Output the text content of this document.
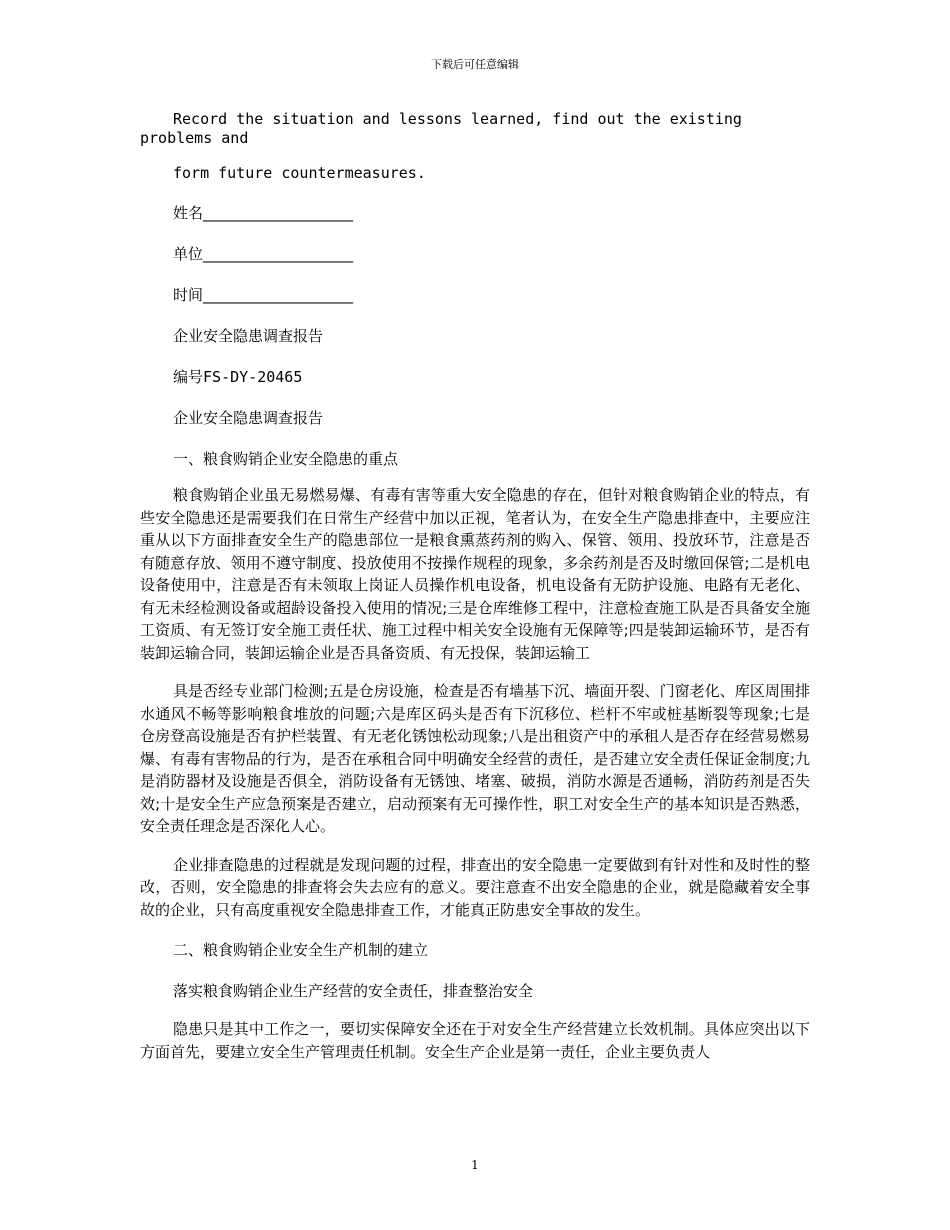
下载后可任意编辑

Record the situation and lessons learned, find out the existing problems and

form future countermeasures.

姓名____________________

单位____________________

时间____________________

企业安全隐患调查报告

编号FS-DY-20465

企业安全隐患调查报告

一、粮食购销企业安全隐患的重点

粮食购销企业虽无易燃易爆、有毒有害等重大安全隐患的存在，但针对粮食购销企业的特点，有些安全隐患还是需要我们在日常生产经营中加以正视，笔者认为，在安全生产隐患排查中，主要应注重从以下方面排查安全生产的隐患部位一是粮食熏蒸药剂的购入、保管、领用、投放环节，注意是否有随意存放、领用不遵守制度、投放使用不按操作规程的现象，多余药剂是否及时缴回保管;二是机电设备使用中，注意是否有未领取上岗证人员操作机电设备，机电设备有无防护设施、电路有无老化、有无未经检测设备或超龄设备投入使用的情况;三是仓库维修工程中，注意检查施工队是否具备安全施工资质、有无签订安全施工责任状、施工过程中相关安全设施有无保障等;四是装卸运输环节，是否有装卸运输合同，装卸运输企业是否具备资质、有无投保，装卸运输工

具是否经专业部门检测;五是仓房设施，检查是否有墙基下沉、墙面开裂、门窗老化、库区周围排水通风不畅等影响粮食堆放的问题;六是库区码头是否有下沉移位、栏杆不牢或桩基断裂等现象;七是仓房登高设施是否有护栏装置、有无老化锈蚀松动现象;八是出租资产中的承租人是否存在经营易燃易爆、有毒有害物品的行为，是否在承租合同中明确安全经营的责任，是否建立安全责任保证金制度;九是消防器材及设施是否俱全，消防设备有无锈蚀、堵塞、破损，消防水源是否通畅，消防药剂是否失效;十是安全生产应急预案是否建立，启动预案有无可操作性，职工对安全生产的基本知识是否熟悉，安全责任理念是否深化人心。

企业排查隐患的过程就是发现问题的过程，排查出的安全隐患一定要做到有针对性和及时性的整改，否则，安全隐患的排查将会失去应有的意义。要注意查不出安全隐患的企业，就是隐藏着安全事故的企业，只有高度重视安全隐患排查工作，才能真正防患安全事故的发生。

二、粮食购销企业安全生产机制的建立

落实粮食购销企业生产经营的安全责任，排查整治安全

隐患只是其中工作之一，要切实保障安全还在于对安全生产经营建立长效机制。具体应突出以下方面首先，要建立安全生产管理责任机制。安全生产企业是第一责任，企业主要负责人

1
